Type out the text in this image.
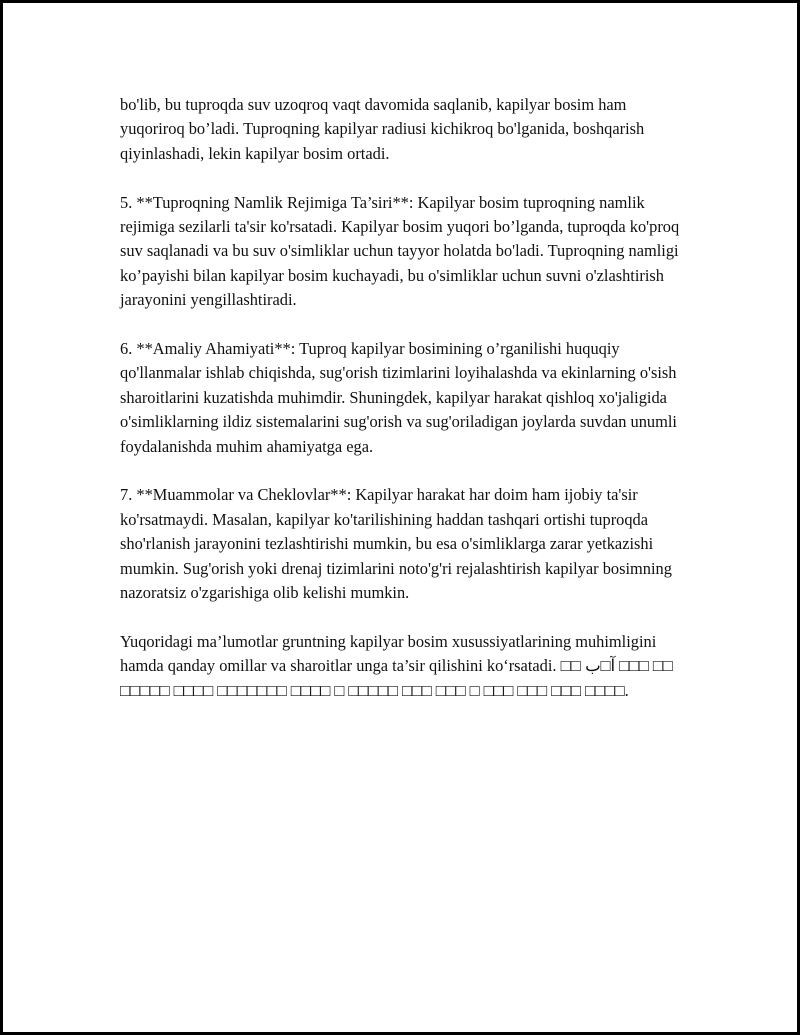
bo'lib, bu tuproqda suv uzoqroq vaqt davomida saqlanib, kapilyar bosim ham yuqoriroq bo’ladi. Tuproqning kapilyar radiusi kichikroq bo'lganida, boshqarish qiyinlashadi, lekin kapilyar bosim ortadi.

5. **Tuproqning Namlik Rejimiga Ta’siri**: Kapilyar bosim tuproqning namlik rejimiga sezilarli ta'sir ko'rsatadi. Kapilyar bosim yuqori bo’lganda, tuproqda ko'proq suv saqlanadi va bu suv o'simliklar uchun tayyor holatda bo'ladi. Tuproqning namligi ko’payishi bilan kapilyar bosim kuchayadi, bu o'simliklar uchun suvni o'zlashtirish jarayonini yengillashtiradi.

6. **Amaliy Ahamiyati**: Tuproq kapilyar bosimining o’rganilishi huquqiy qo'llanmalar ishlab chiqishda, sug'orish tizimlarini loyihalashda va ekinlarning o'sish sharoitlarini kuzatishda muhimdir. Shuningdek, kapilyar harakat qishloq xo'jaligida o'simliklarning ildiz sistemalarini sug'orish va sug'oriladigan joylarda suvdan unumli foydalanishda muhim ahamiyatga ega.

7. **Muammolar va Cheklovlar**: Kapilyar harakat har doim ham ijobiy ta'sir ko'rsatmaydi. Masalan, kapilyar ko'tarilishining haddan tashqari ortishi tuproqda sho'rlanish jarayonini tezlashtirishi mumkin, bu esa o'simliklarga zarar yetkazishi mumkin. Sug'orish yoki drenaj tizimlarini noto'g'ri rejalashtirish kapilyar bosimning nazoratsiz o'zgarishiga olib kelishi mumkin.

Yuqoridagi ma’lumotlar gruntning kapilyar bosim xusussiyatlarining muhimligini hamda qanday omillar va sharoitlar unga ta’sir qilishini ko‘rsatadi. □□ آ□ب □□□ □□ □□□□□ □□□□ □□□□□□□ □□□□ □ □□□□□ □□□ □□□ □ □□□ □□□ □□□ □□□□.
